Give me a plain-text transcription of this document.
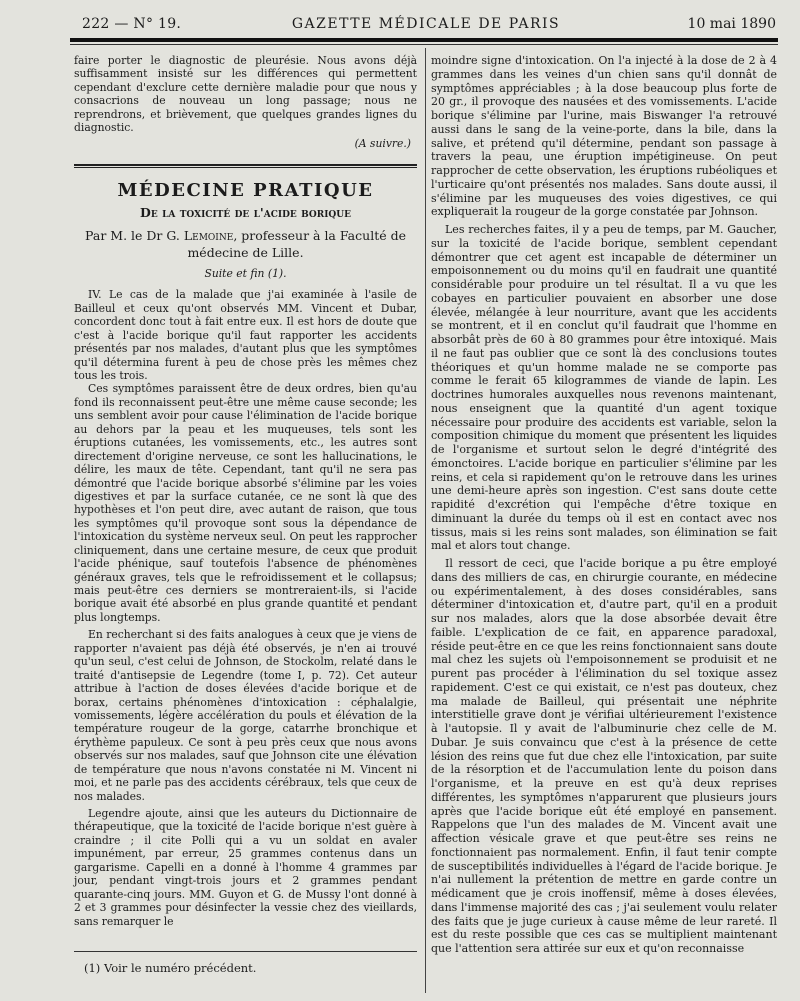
222 — N° 19.	GAZETTE MÉDICALE DE PARIS	10 mai 1890

faire porter le diagnostic de pleurésie. Nous avons déjà suffisamment insisté sur les différences qui permettent cependant d'exclure cette dernière maladie pour que nous y consacrions de nouveau un long passage; nous ne reprendrons, et brièvement, que quelques grandes lignes du diagnostic.

(A suivre.)

MÉDECINE PRATIQUE

De la toxicité de l'acide borique

Par M. le Dr G. Lemoine, professeur à la Faculté de médecine de Lille.

Suite et fin (1).

IV. Le cas de la malade que j'ai examinée à l'asile de Bailleul et ceux qu'ont observés MM. Vincent et Dubar, concordent donc tout à fait entre eux. Il est hors de doute que c'est à l'acide borique qu'il faut rapporter les accidents présentés par nos malades, d'autant plus que les symptômes qu'il détermina furent à peu de chose près les mêmes chez tous les trois.

Ces symptômes paraissent être de deux ordres, bien qu'au fond ils reconnaissent peut-être une même cause seconde; les uns semblent avoir pour cause l'élimination de l'acide borique au dehors par la peau et les muqueuses, tels sont les éruptions cutanées, les vomissements, etc., les autres sont directement d'origine nerveuse, ce sont les hallucinations, le délire, les maux de tête. Cependant, tant qu'il ne sera pas démontré que l'acide borique absorbé s'élimine par les voies digestives et par la surface cutanée, ce ne sont là que des hypothèses et l'on peut dire, avec autant de raison, que tous les symptômes qu'il provoque sont sous la dépendance de l'intoxication du système nerveux seul. On peut les rapprocher cliniquement, dans une certaine mesure, de ceux que produit l'acide phénique, sauf toutefois l'absence de phénomènes généraux graves, tels que le refroidissement et le collapsus; mais peut-être ces derniers se montreraient-ils, si l'acide borique avait été absorbé en plus grande quantité et pendant plus longtemps.

En recherchant si des faits analogues à ceux que je viens de rapporter n'avaient pas déjà été observés, je n'en ai trouvé qu'un seul, c'est celui de Johnson, de Stockolm, relaté dans le traité d'antisepsie de Legendre (tome I, p. 72). Cet auteur attribue à l'action de doses élevées d'acide borique et de borax, certains phénomènes d'intoxication : céphalalgie, vomissements, légère accélération du pouls et élévation de la température rougeur de la gorge, catarrhe bronchique et érythème papuleux. Ce sont à peu près ceux que nous avons observés sur nos malades, sauf que Johnson cite une élévation de température que nous n'avons constatée ni M. Vincent ni moi, et ne parle pas des accidents cérébraux, tels que ceux de nos malades.

Legendre ajoute, ainsi que les auteurs du Dictionnaire de thérapeutique, que la toxicité de l'acide borique n'est guère à craindre ; il cite Polli qui a vu un soldat en avaler impunément, par erreur, 25 grammes contenus dans un gargarisme. Capelli en a donné à l'homme 4 grammes par jour, pendant vingt-trois jours et 2 grammes pendant quarante-cinq jours. MM. Guyon et G. de Mussy l'ont donné à 2 et 3 grammes pour désinfecter la vessie chez des vieillards, sans remarquer le

(1) Voir le numéro précédent.

moindre signe d'intoxication. On l'a injecté à la dose de 2 à 4 grammes dans les veines d'un chien sans qu'il donnât de symptômes appréciables ; à la dose beaucoup plus forte de 20 gr., il provoque des nausées et des vomissements. L'acide borique s'élimine par l'urine, mais Biswanger l'a retrouvé aussi dans le sang de la veine-porte, dans la bile, dans la salive, et prétend qu'il détermine, pendant son passage à travers la peau, une éruption impétigineuse. On peut rapprocher de cette observation, les éruptions rubéoliques et l'urticaire qu'ont présentés nos malades. Sans doute aussi, il s'élimine par les muqueuses des voies digestives, ce qui expliquerait la rougeur de la gorge constatée par Johnson.

Les recherches faites, il y a peu de temps, par M. Gaucher, sur la toxicité de l'acide borique, semblent cependant démontrer que cet agent est incapable de déterminer un empoisonnement ou du moins qu'il en faudrait une quantité considérable pour produire un tel résultat. Il a vu que les cobayes en particulier pouvaient en absorber une dose élevée, mélangée à leur nourriture, avant que les accidents se montrent, et il en conclut qu'il faudrait que l'homme en absorbât près de 60 à 80 grammes pour être intoxiqué. Mais il ne faut pas oublier que ce sont là des conclusions toutes théoriques et qu'un homme malade ne se comporte pas comme le ferait 65 kilogrammes de viande de lapin. Les doctrines humorales auxquelles nous revenons maintenant, nous enseignent que la quantité d'un agent toxique nécessaire pour produire des accidents est variable, selon la composition chimique du moment que présentent les liquides de l'organisme et surtout selon le degré d'intégrité des émonctoires. L'acide borique en particulier s'élimine par les reins, et cela si rapidement qu'on le retrouve dans les urines une demi-heure après son ingestion. C'est sans doute cette rapidité d'excrétion qui l'empêche d'être toxique en diminuant la durée du temps où il est en contact avec nos tissus, mais si les reins sont malades, son élimination se fait mal et alors tout change.

Il ressort de ceci, que l'acide borique a pu être employé dans des milliers de cas, en chirurgie courante, en médecine ou expérimentalement, à des doses considérables, sans déterminer d'intoxication et, d'autre part, qu'il en a produit sur nos malades, alors que la dose absorbée devait être faible. L'explication de ce fait, en apparence paradoxal, réside peut-être en ce que les reins fonctionnaient sans doute mal chez les sujets où l'empoisonnement se produisit et ne purent pas procéder à l'élimination du sel toxique assez rapidement. C'est ce qui existait, ce n'est pas douteux, chez ma malade de Bailleul, qui présentait une néphrite interstitielle grave dont je vérifiai ultérieurement l'existence à l'autopsie. Il y avait de l'albuminurie chez celle de M. Dubar. Je suis convaincu que c'est à la présence de cette lésion des reins que fut due chez elle l'intoxication, par suite de la résorption et de l'accumulation lente du poison dans l'organisme, et la preuve en est qu'à deux reprises différentes, les symptômes n'apparurent que plusieurs jours après que l'acide borique eût été employé en pansement. Rappelons que l'un des malades de M. Vincent avait une affection vésicale grave et que peut-être ses reins ne fonctionnaient pas normalement. Enfin, il faut tenir compte de susceptibilités individuelles à l'égard de l'acide borique. Je n'ai nullement la prétention de mettre en garde contre un médicament que je crois inoffensif, même à doses élevées, dans l'immense majorité des cas ; j'ai seulement voulu relater des faits que je juge curieux à cause même de leur rareté. Il est du reste possible que ces cas se multiplient maintenant que l'attention sera attirée sur eux et qu'on reconnaisse
